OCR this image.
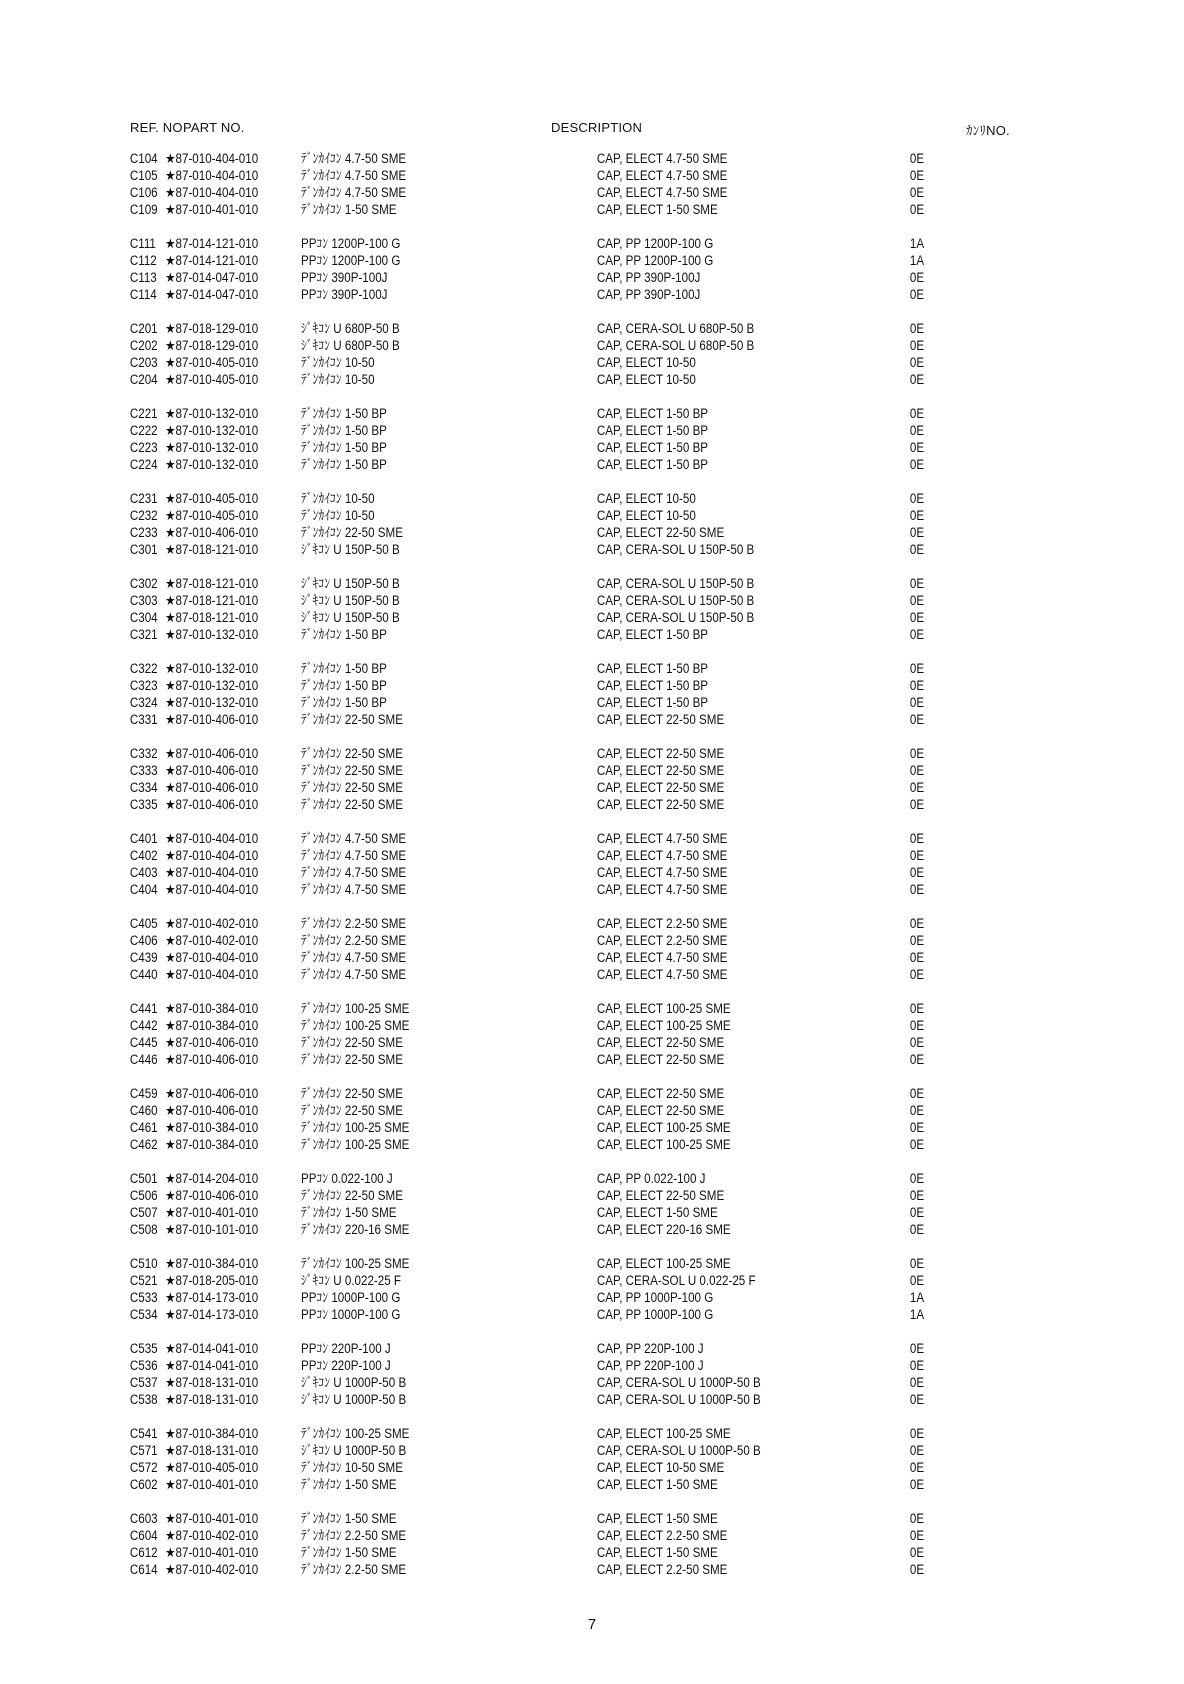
REF. NO.
PART NO.	DESCRIPTION	ｶﾝﾘNO.
C104 ★87-010-404-010	ﾃﾞﾝｶｲｺﾝ 4.7-50 SME	CAP, ELECT 4.7-50 SME	0E
C105 ★87-010-404-010	ﾃﾞﾝｶｲｺﾝ 4.7-50 SME	CAP, ELECT 4.7-50 SME	0E
C106 ★87-010-404-010	ﾃﾞﾝｶｲｺﾝ 4.7-50 SME	CAP, ELECT 4.7-50 SME	0E
C109 ★87-010-401-010	ﾃﾞﾝｶｲｺﾝ 1-50 SME	CAP, ELECT 1-50 SME	0E
C111 ★87-014-121-010	PPｺﾝ 1200P-100 G	CAP, PP 1200P-100 G	1A
C112 ★87-014-121-010	PPｺﾝ 1200P-100 G	CAP, PP 1200P-100 G	1A
C113 ★87-014-047-010	PPｺﾝ 390P-100J	CAP, PP 390P-100J	0E
C114 ★87-014-047-010	PPｺﾝ 390P-100J	CAP, PP 390P-100J	0E
C201 ★87-018-129-010	ｼﾞｷｺﾝ U 680P-50 B	CAP, CERA-SOL U 680P-50 B	0E
C202 ★87-018-129-010	ｼﾞｷｺﾝ U 680P-50 B	CAP, CERA-SOL U 680P-50 B	0E
C203 ★87-010-405-010	ﾃﾞﾝｶｲｺﾝ 10-50	CAP, ELECT 10-50	0E
C204 ★87-010-405-010	ﾃﾞﾝｶｲｺﾝ 10-50	CAP, ELECT 10-50	0E
C221 ★87-010-132-010	ﾃﾞﾝｶｲｺﾝ 1-50 BP	CAP, ELECT 1-50 BP	0E
C222 ★87-010-132-010	ﾃﾞﾝｶｲｺﾝ 1-50 BP	CAP, ELECT 1-50 BP	0E
C223 ★87-010-132-010	ﾃﾞﾝｶｲｺﾝ 1-50 BP	CAP, ELECT 1-50 BP	0E
C224 ★87-010-132-010	ﾃﾞﾝｶｲｺﾝ 1-50 BP	CAP, ELECT 1-50 BP	0E
C231 ★87-010-405-010	ﾃﾞﾝｶｲｺﾝ 10-50	CAP, ELECT 10-50	0E
C232 ★87-010-405-010	ﾃﾞﾝｶｲｺﾝ 10-50	CAP, ELECT 10-50	0E
C233 ★87-010-406-010	ﾃﾞﾝｶｲｺﾝ 22-50 SME	CAP, ELECT 22-50 SME	0E
C301 ★87-018-121-010	ｼﾞｷｺﾝ U 150P-50 B	CAP, CERA-SOL U 150P-50 B	0E
C302 ★87-018-121-010	ｼﾞｷｺﾝ U 150P-50 B	CAP, CERA-SOL U 150P-50 B	0E
C303 ★87-018-121-010	ｼﾞｷｺﾝ U 150P-50 B	CAP, CERA-SOL U 150P-50 B	0E
C304 ★87-018-121-010	ｼﾞｷｺﾝ U 150P-50 B	CAP, CERA-SOL U 150P-50 B	0E
C321 ★87-010-132-010	ﾃﾞﾝｶｲｺﾝ 1-50 BP	CAP, ELECT 1-50 BP	0E
C322 ★87-010-132-010	ﾃﾞﾝｶｲｺﾝ 1-50 BP	CAP, ELECT 1-50 BP	0E
C323 ★87-010-132-010	ﾃﾞﾝｶｲｺﾝ 1-50 BP	CAP, ELECT 1-50 BP	0E
C324 ★87-010-132-010	ﾃﾞﾝｶｲｺﾝ 1-50 BP	CAP, ELECT 1-50 BP	0E
C331 ★87-010-406-010	ﾃﾞﾝｶｲｺﾝ 22-50 SME	CAP, ELECT 22-50 SME	0E
C332 ★87-010-406-010	ﾃﾞﾝｶｲｺﾝ 22-50 SME	CAP, ELECT 22-50 SME	0E
C333 ★87-010-406-010	ﾃﾞﾝｶｲｺﾝ 22-50 SME	CAP, ELECT 22-50 SME	0E
C334 ★87-010-406-010	ﾃﾞﾝｶｲｺﾝ 22-50 SME	CAP, ELECT 22-50 SME	0E
C335 ★87-010-406-010	ﾃﾞﾝｶｲｺﾝ 22-50 SME	CAP, ELECT 22-50 SME	0E
C401 ★87-010-404-010	ﾃﾞﾝｶｲｺﾝ 4.7-50 SME	CAP, ELECT 4.7-50 SME	0E
C402 ★87-010-404-010	ﾃﾞﾝｶｲｺﾝ 4.7-50 SME	CAP, ELECT 4.7-50 SME	0E
C403 ★87-010-404-010	ﾃﾞﾝｶｲｺﾝ 4.7-50 SME	CAP, ELECT 4.7-50 SME	0E
C404 ★87-010-404-010	ﾃﾞﾝｶｲｺﾝ 4.7-50 SME	CAP, ELECT 4.7-50 SME	0E
C405 ★87-010-402-010	ﾃﾞﾝｶｲｺﾝ 2.2-50 SME	CAP, ELECT 2.2-50 SME	0E
C406 ★87-010-402-010	ﾃﾞﾝｶｲｺﾝ 2.2-50 SME	CAP, ELECT 2.2-50 SME	0E
C439 ★87-010-404-010	ﾃﾞﾝｶｲｺﾝ 4.7-50 SME	CAP, ELECT 4.7-50 SME	0E
C440 ★87-010-404-010	ﾃﾞﾝｶｲｺﾝ 4.7-50 SME	CAP, ELECT 4.7-50 SME	0E
C441 ★87-010-384-010	ﾃﾞﾝｶｲｺﾝ 100-25 SME	CAP, ELECT 100-25 SME	0E
C442 ★87-010-384-010	ﾃﾞﾝｶｲｺﾝ 100-25 SME	CAP, ELECT 100-25 SME	0E
C445 ★87-010-406-010	ﾃﾞﾝｶｲｺﾝ 22-50 SME	CAP, ELECT 22-50 SME	0E
C446 ★87-010-406-010	ﾃﾞﾝｶｲｺﾝ 22-50 SME	CAP, ELECT 22-50 SME	0E
C459 ★87-010-406-010	ﾃﾞﾝｶｲｺﾝ 22-50 SME	CAP, ELECT 22-50 SME	0E
C460 ★87-010-406-010	ﾃﾞﾝｶｲｺﾝ 22-50 SME	CAP, ELECT 22-50 SME	0E
C461 ★87-010-384-010	ﾃﾞﾝｶｲｺﾝ 100-25 SME	CAP, ELECT 100-25 SME	0E
C462 ★87-010-384-010	ﾃﾞﾝｶｲｺﾝ 100-25 SME	CAP, ELECT 100-25 SME	0E
C501 ★87-014-204-010	PPｺﾝ 0.022-100 J	CAP, PP 0.022-100 J	0E
C506 ★87-010-406-010	ﾃﾞﾝｶｲｺﾝ 22-50 SME	CAP, ELECT 22-50 SME	0E
C507 ★87-010-401-010	ﾃﾞﾝｶｲｺﾝ 1-50 SME	CAP, ELECT 1-50 SME	0E
C508 ★87-010-101-010	ﾃﾞﾝｶｲｺﾝ 220-16 SME	CAP, ELECT 220-16 SME	0E
C510 ★87-010-384-010	ﾃﾞﾝｶｲｺﾝ 100-25 SME	CAP, ELECT 100-25 SME	0E
C521 ★87-018-205-010	ｼﾞｷｺﾝ U 0.022-25 F	CAP, CERA-SOL U 0.022-25 F	0E
C533 ★87-014-173-010	PPｺﾝ 1000P-100 G	CAP, PP 1000P-100 G	1A
C534 ★87-014-173-010	PPｺﾝ 1000P-100 G	CAP, PP 1000P-100 G	1A
C535 ★87-014-041-010	PPｺﾝ 220P-100 J	CAP, PP 220P-100 J	0E
C536 ★87-014-041-010	PPｺﾝ 220P-100 J	CAP, PP 220P-100 J	0E
C537 ★87-018-131-010	ｼﾞｷｺﾝ U 1000P-50 B	CAP, CERA-SOL U 1000P-50 B	0E
C538 ★87-018-131-010	ｼﾞｷｺﾝ U 1000P-50 B	CAP, CERA-SOL U 1000P-50 B	0E
C541 ★87-010-384-010	ﾃﾞﾝｶｲｺﾝ 100-25 SME	CAP, ELECT 100-25 SME	0E
C571 ★87-018-131-010	ｼﾞｷｺﾝ U 1000P-50 B	CAP, CERA-SOL U 1000P-50 B	0E
C572 ★87-010-405-010	ﾃﾞﾝｶｲｺﾝ 10-50 SME	CAP, ELECT 10-50 SME	0E
C602 ★87-010-401-010	ﾃﾞﾝｶｲｺﾝ 1-50 SME	CAP, ELECT 1-50 SME	0E
C603 ★87-010-401-010	ﾃﾞﾝｶｲｺﾝ 1-50 SME	CAP, ELECT 1-50 SME	0E
C604 ★87-010-402-010	ﾃﾞﾝｶｲｺﾝ 2.2-50 SME	CAP, ELECT 2.2-50 SME	0E
C612 ★87-010-401-010	ﾃﾞﾝｶｲｺﾝ 1-50 SME	CAP, ELECT 1-50 SME	0E
C614 ★87-010-402-010	ﾃﾞﾝｶｲｺﾝ 2.2-50 SME	CAP, ELECT 2.2-50 SME	0E
7
